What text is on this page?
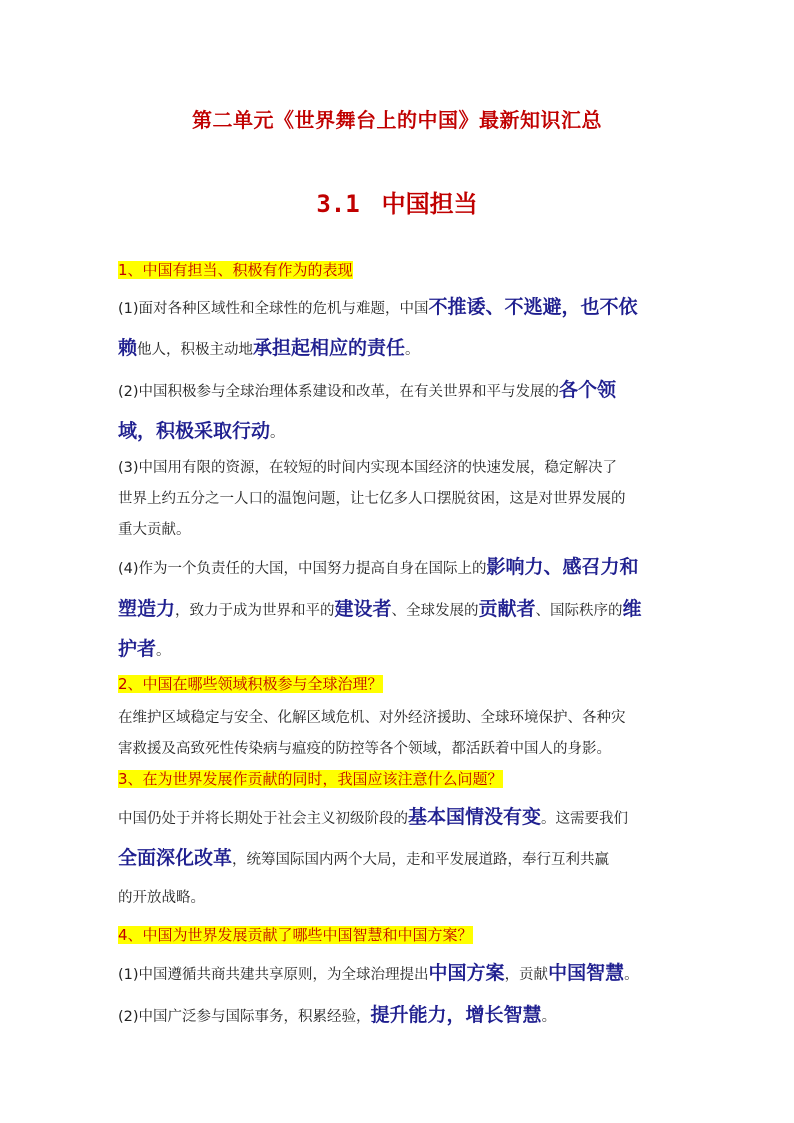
第二单元《世界舞台上的中国》最新知识汇总
3.1 中国担当
1、中国有担当、积极有作为的表现
(1)面对各种区域性和全球性的危机与难题，中国不推诿、不逃避，也不依
赖他人，积极主动地承担起相应的责任。
(2)中国积极参与全球治理体系建设和改革，在有关世界和平与发展的各个领
域，积极采取行动。
(3)中国用有限的资源，在较短的时间内实现本国经济的快速发展，稳定解决了
世界上约五分之一人口的温饱问题，让七亿多人口摆脱贫困，这是对世界发展的
重大贡献。
(4)作为一个负责任的大国，中国努力提高自身在国际上的影响力、感召力和
塑造力，致力于成为世界和平的建设者、全球发展的贡献者、国际秩序的维
护者。
2、中国在哪些领域积极参与全球治理？
在维护区域稳定与安全、化解区域危机、对外经济援助、全球环境保护、各种灾
害救援及高致死性传染病与瘟疫的防控等各个领域，都活跃着中国人的身影。
3、在为世界发展作贡献的同时，我国应该注意什么问题？
中国仍处于并将长期处于社会主义初级阶段的基本国情没有变。这需要我们
全面深化改革，统筹国际国内两个大局，走和平发展道路，奉行互利共赢
的开放战略。
4、中国为世界发展贡献了哪些中国智慧和中国方案？
(1)中国遵循共商共建共享原则，为全球治理提出中国方案，贡献中国智慧。
(2)中国广泛参与国际事务，积累经验，提升能力，增长智慧。
